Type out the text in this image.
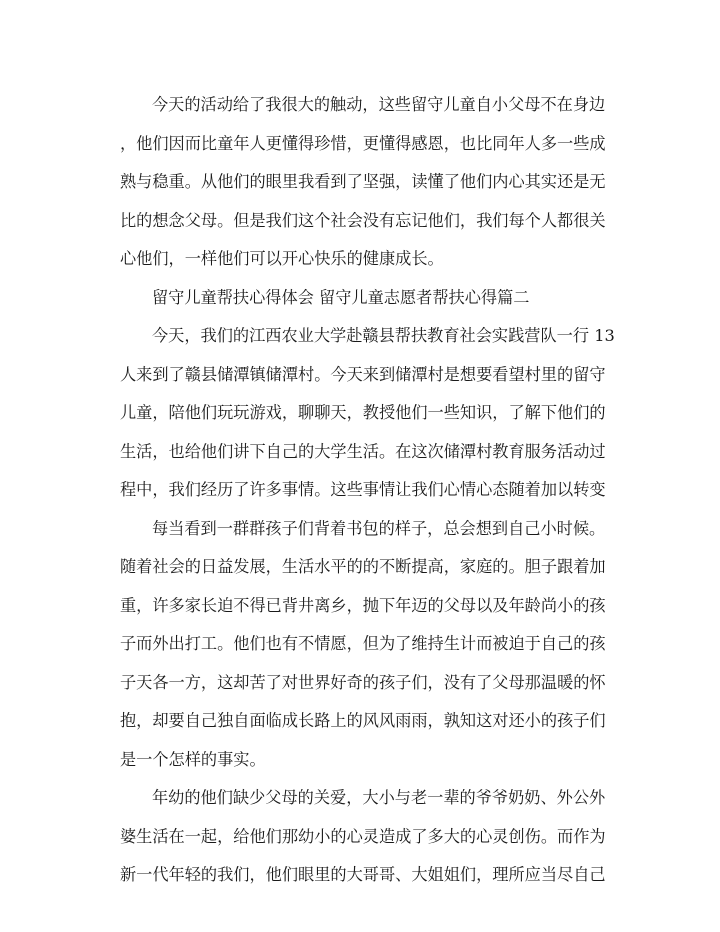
今天的活动给了我很大的触动，这些留守儿童自小父母不在身边
，他们因而比童年人更懂得珍惜，更懂得感恩，也比同年人多一些成
熟与稳重。从他们的眼里我看到了坚强，读懂了他们内心其实还是无
比的想念父母。但是我们这个社会没有忘记他们，我们每个人都很关
心他们，一样他们可以开心快乐的健康成长。
留守儿童帮扶心得体会 留守儿童志愿者帮扶心得篇二
今天，我们的江西农业大学赴赣县帮扶教育社会实践营队一行 13
人来到了赣县储潭镇储潭村。今天来到储潭村是想要看望村里的留守
儿童，陪他们玩玩游戏，聊聊天，教授他们一些知识，了解下他们的
生活，也给他们讲下自己的大学生活。在这次储潭村教育服务活动过
程中，我们经历了许多事情。这些事情让我们心情心态随着加以转变
每当看到一群群孩子们背着书包的样子，总会想到自己小时候。
随着社会的日益发展，生活水平的的不断提高，家庭的。胆子跟着加
重，许多家长迫不得已背井离乡，抛下年迈的父母以及年龄尚小的孩
子而外出打工。他们也有不情愿，但为了维持生计而被迫于自己的孩
子天各一方，这却苦了对世界好奇的孩子们，没有了父母那温暖的怀
抱，却要自己独自面临成长路上的风风雨雨，孰知这对还小的孩子们
是一个怎样的事实。
年幼的他们缺少父母的关爱，大小与老一辈的爷爷奶奶、外公外
婆生活在一起，给他们那幼小的心灵造成了多大的心灵创伤。而作为
新一代年轻的我们，他们眼里的大哥哥、大姐姐们，理所应当尽自己
